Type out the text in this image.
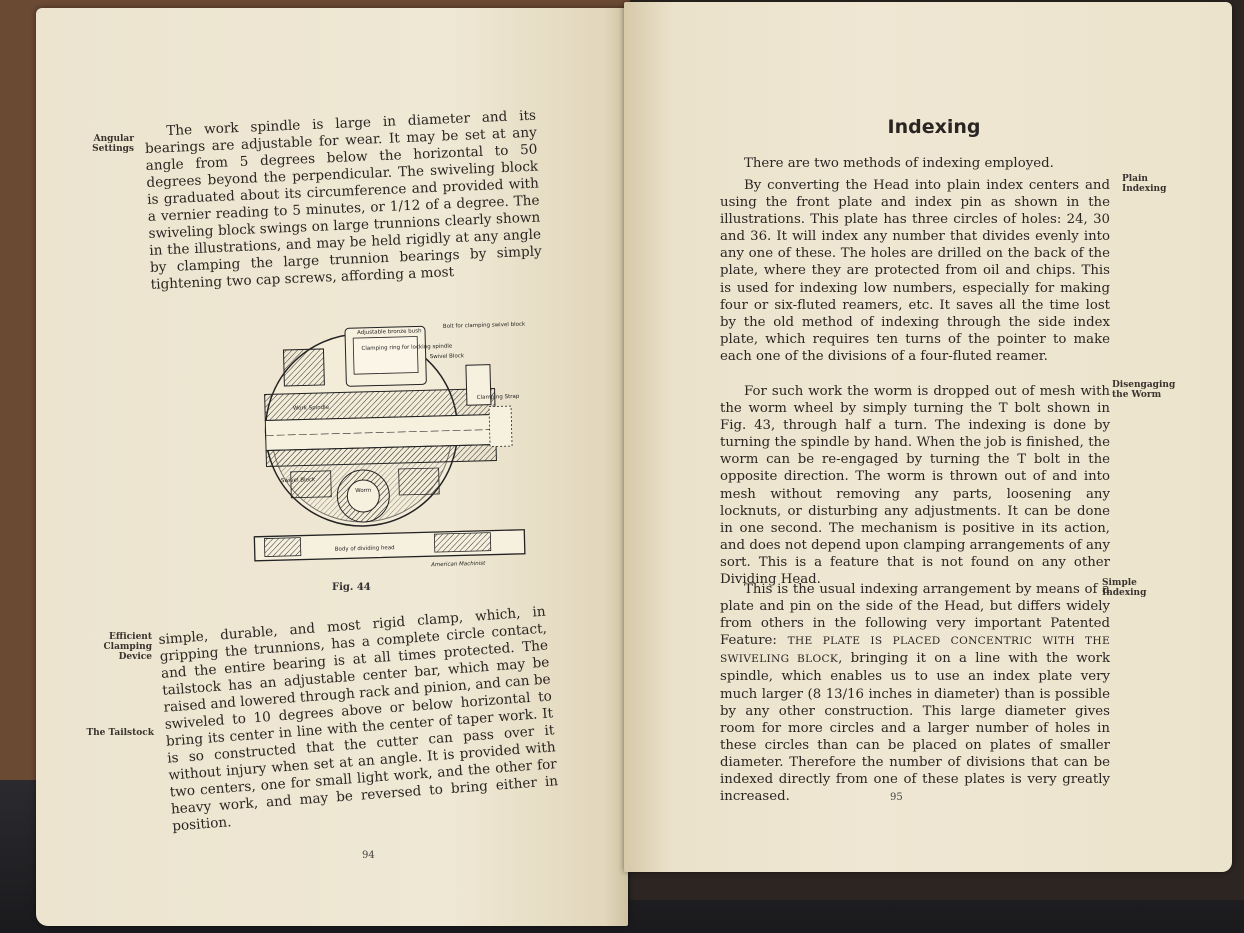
Angular Settings

The work spindle is large in diameter and its bearings are adjustable for wear. It may be set at any angle from 5 degrees below the horizontal to 50 degrees beyond the perpendicular. The swiveling block is graduated about its circumference and provided with a vernier reading to 5 minutes, or 1/12 of a degree. The swiveling block swings on large trunnions clearly shown in the illustrations, and may be held rigidly at any angle by clamping the large trunnion bearings by simply tightening two cap screws, affording a most

Adjustable bronze bush
Clamping ring for locking spindle
Bolt for clamping swivel block
Clamping Strap
Work Spindle
Swivel Block
Swivel Block
Worm
Body of dividing head
American Machinist
Fig. 44
Efficient Clamping Device
The Tailstock

simple, durable, and most rigid clamp, which, in gripping the trunnions, has a complete circle contact, and the entire bearing is at all times protected. The tailstock has an adjustable center bar, which may be raised and lowered through rack and pinion, and can be swiveled to 10 degrees above or below horizontal to bring its center in line with the center of taper work. It is so constructed that the cutter can pass over it without injury when set at an angle. It is provided with two centers, one for small light work, and the other for heavy work, and may be reversed to bring either in position.

94
Indexing

There are two methods of indexing employed.

Plain Indexing

By converting the Head into plain index centers and using the front plate and index pin as shown in the illustrations. This plate has three circles of holes: 24, 30 and 36. It will index any number that divides evenly into any one of these. The holes are drilled on the back of the plate, where they are protected from oil and chips. This is used for indexing low numbers, especially for making four or six-fluted reamers, etc. It saves all the time lost by the old method of indexing through the side index plate, which requires ten turns of the pointer to make each one of the divisions of a four-fluted reamer.

Disengaging the Worm

For such work the worm is dropped out of mesh with the worm wheel by simply turning the T bolt shown in Fig. 43, through half a turn. The indexing is done by turning the spindle by hand. When the job is finished, the worm can be re-engaged by turning the T bolt in the opposite direction. The worm is thrown out of and into mesh without removing any parts, loosening any locknuts, or disturbing any adjustments. It can be done in one second. The mechanism is positive in its action, and does not depend upon clamping arrangements of any sort. This is a feature that is not found on any other Dividing Head.	Simple Indexing

This is the usual indexing arrangement by means of a plate and pin on the side of the Head, but differs widely from others in the following very important Patented Feature: THE PLATE IS PLACED CONCENTRIC WITH THE SWIVELING BLOCK, bringing it on a line with the work spindle, which enables us to use an index plate very much larger (8 13/16 inches in diameter) than is possible by any other construction. This large diameter gives room for more circles and a larger number of holes in these circles than can be placed on plates of smaller diameter. Therefore the number of divisions that can be indexed directly from one of these plates is very greatly increased.	95
